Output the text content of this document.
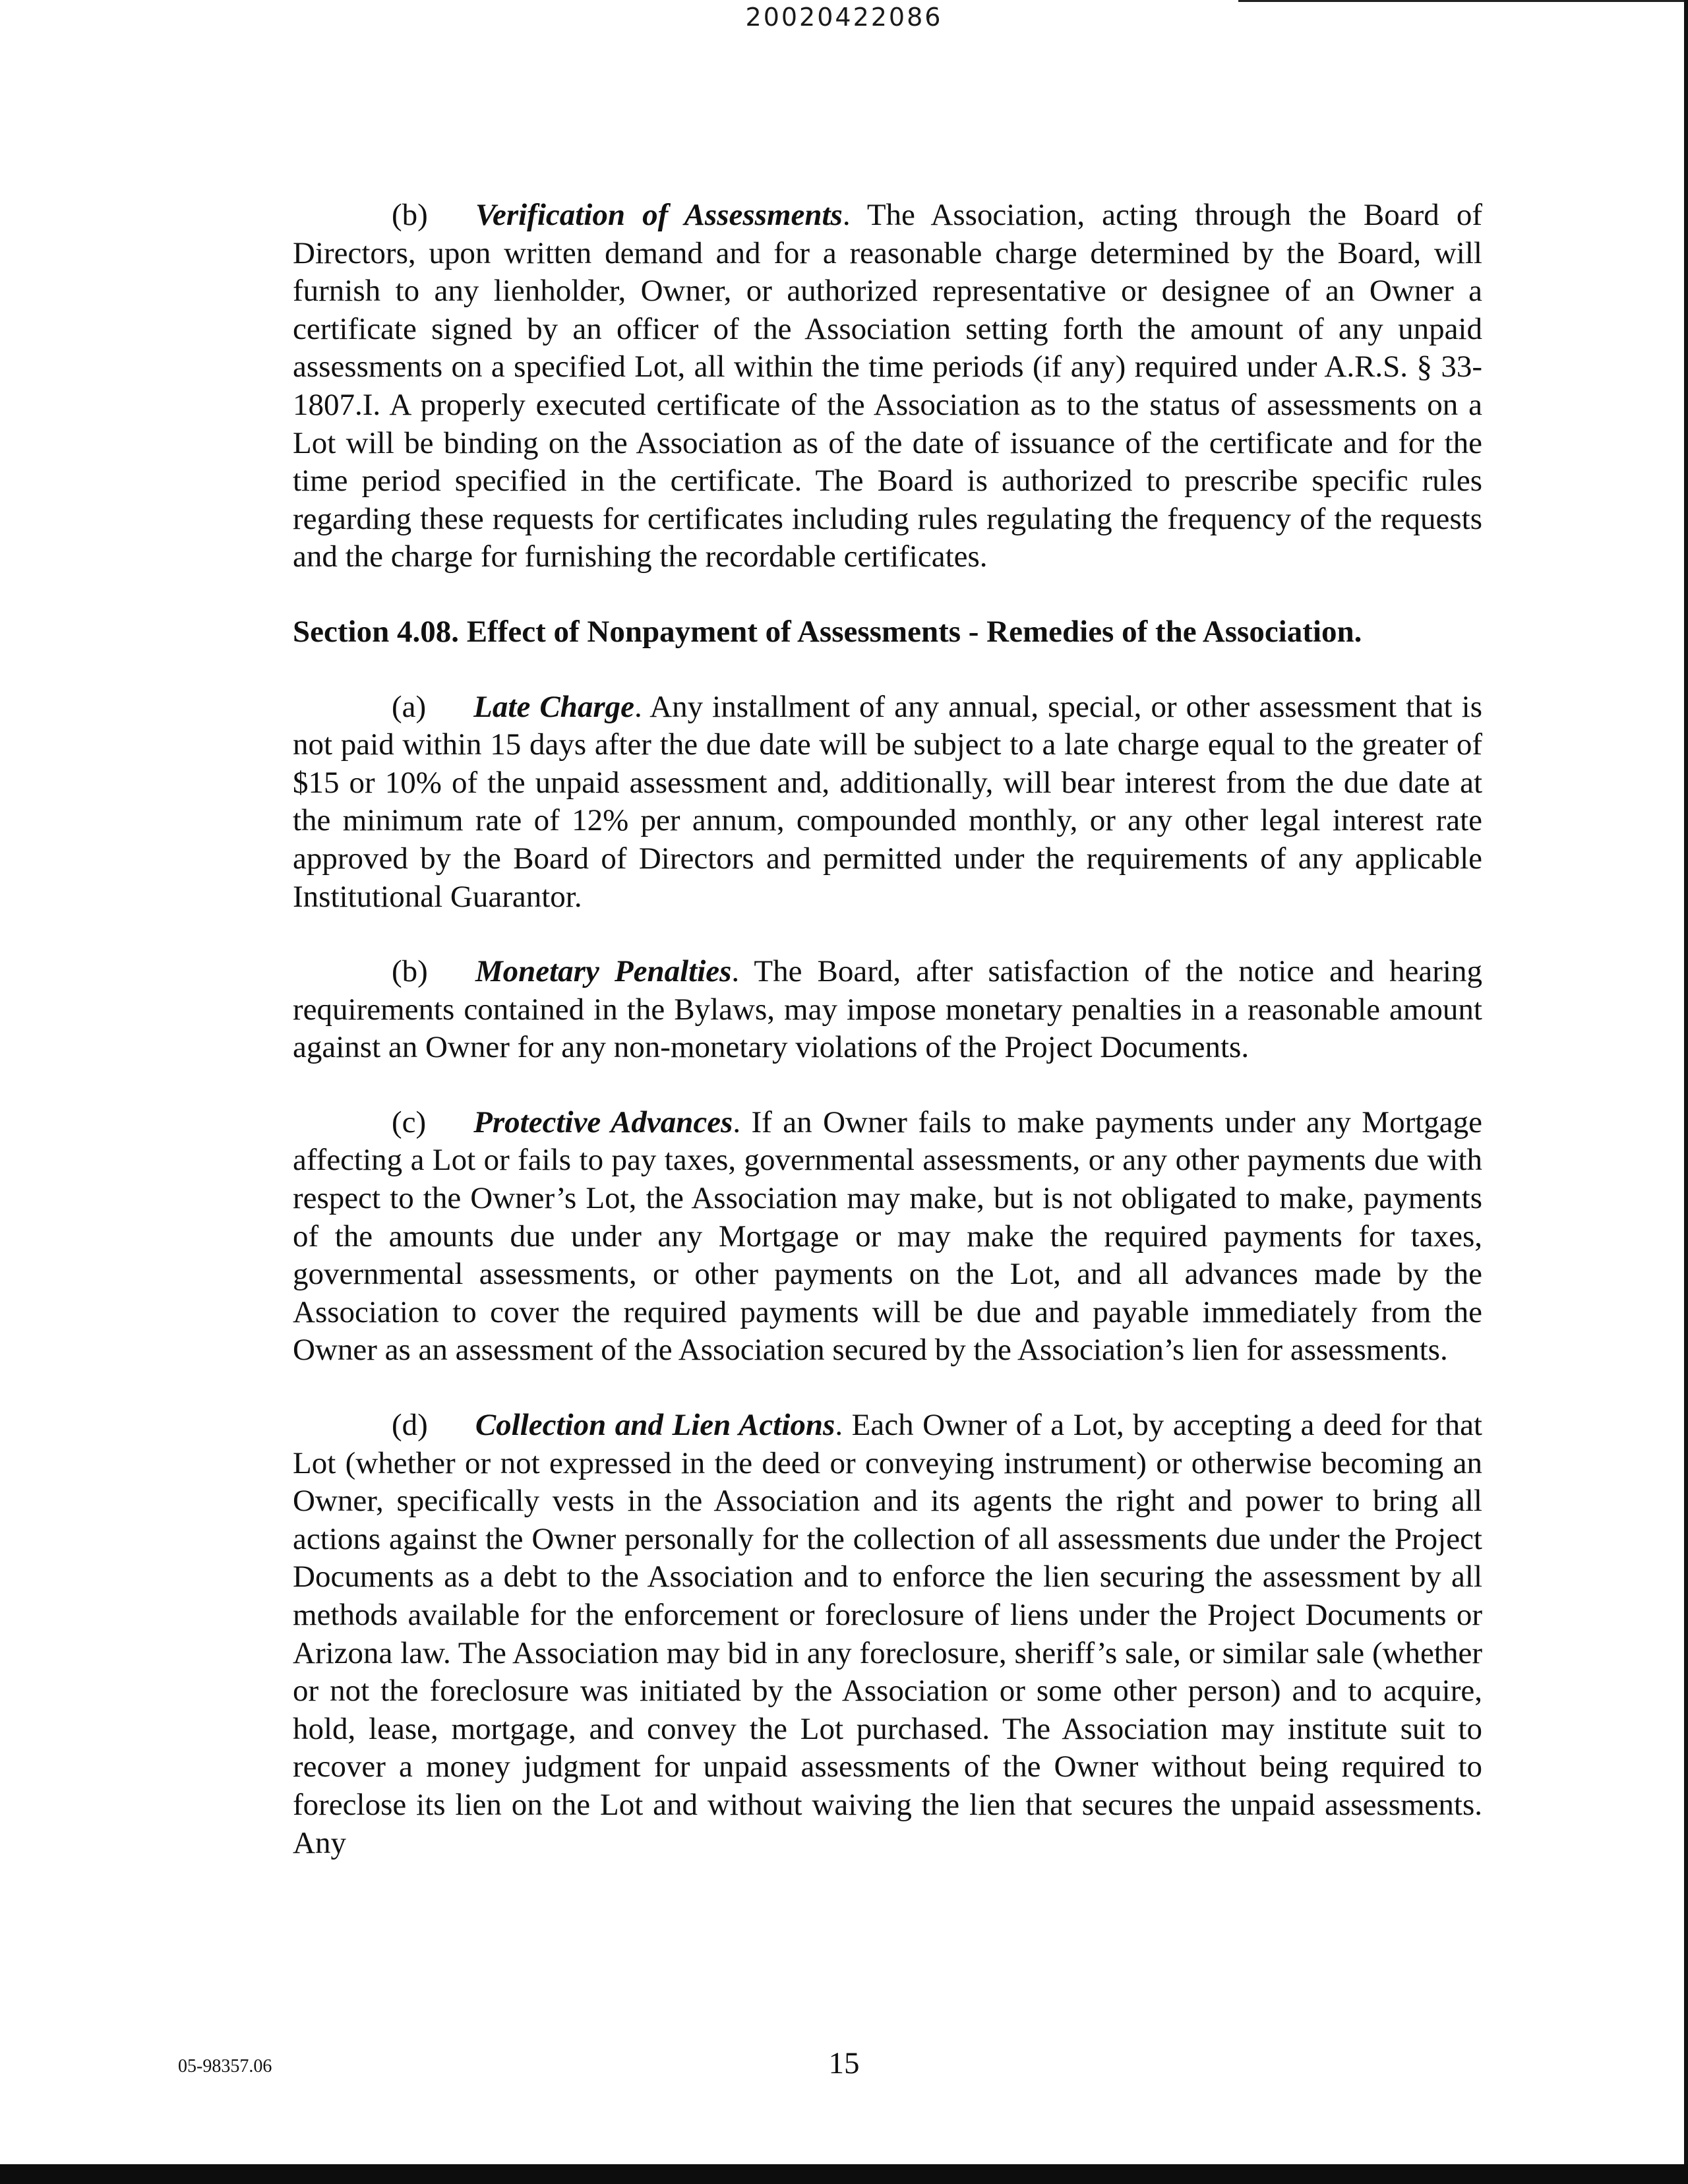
20020422086

(b) Verification of Assessments. The Association, acting through the Board of Directors, upon written demand and for a reasonable charge determined by the Board, will furnish to any lienholder, Owner, or authorized representative or designee of an Owner a certificate signed by an officer of the Association setting forth the amount of any unpaid assessments on a specified Lot, all within the time periods (if any) required under A.R.S. § 33-1807.I. A properly executed certificate of the Association as to the status of assessments on a Lot will be binding on the Association as of the date of issuance of the certificate and for the time period specified in the certificate. The Board is authorized to prescribe specific rules regarding these requests for certificates including rules regulating the frequency of the requests and the charge for furnishing the recordable certificates.

Section 4.08. Effect of Nonpayment of Assessments - Remedies of the Association.

(a) Late Charge. Any installment of any annual, special, or other assessment that is not paid within 15 days after the due date will be subject to a late charge equal to the greater of $15 or 10% of the unpaid assessment and, additionally, will bear interest from the due date at the minimum rate of 12% per annum, compounded monthly, or any other legal interest rate approved by the Board of Directors and permitted under the requirements of any applicable Institutional Guarantor.

(b) Monetary Penalties. The Board, after satisfaction of the notice and hearing requirements contained in the Bylaws, may impose monetary penalties in a reasonable amount against an Owner for any non-monetary violations of the Project Documents.

(c) Protective Advances. If an Owner fails to make payments under any Mortgage affecting a Lot or fails to pay taxes, governmental assessments, or any other payments due with respect to the Owner’s Lot, the Association may make, but is not obligated to make, payments of the amounts due under any Mortgage or may make the required payments for taxes, governmental assessments, or other payments on the Lot, and all advances made by the Association to cover the required payments will be due and payable immediately from the Owner as an assessment of the Association secured by the Association’s lien for assessments.

(d) Collection and Lien Actions. Each Owner of a Lot, by accepting a deed for that Lot (whether or not expressed in the deed or conveying instrument) or otherwise becoming an Owner, specifically vests in the Association and its agents the right and power to bring all actions against the Owner personally for the collection of all assessments due under the Project Documents as a debt to the Association and to enforce the lien securing the assessment by all methods available for the enforcement or foreclosure of liens under the Project Documents or Arizona law. The Association may bid in any foreclosure, sheriff’s sale, or similar sale (whether or not the foreclosure was initiated by the Association or some other person) and to acquire, hold, lease, mortgage, and convey the Lot purchased. The Association may institute suit to recover a money judgment for unpaid assessments of the Owner without being required to foreclose its lien on the Lot and without waiving the lien that secures the unpaid assessments. Any

05-98357.06	15
